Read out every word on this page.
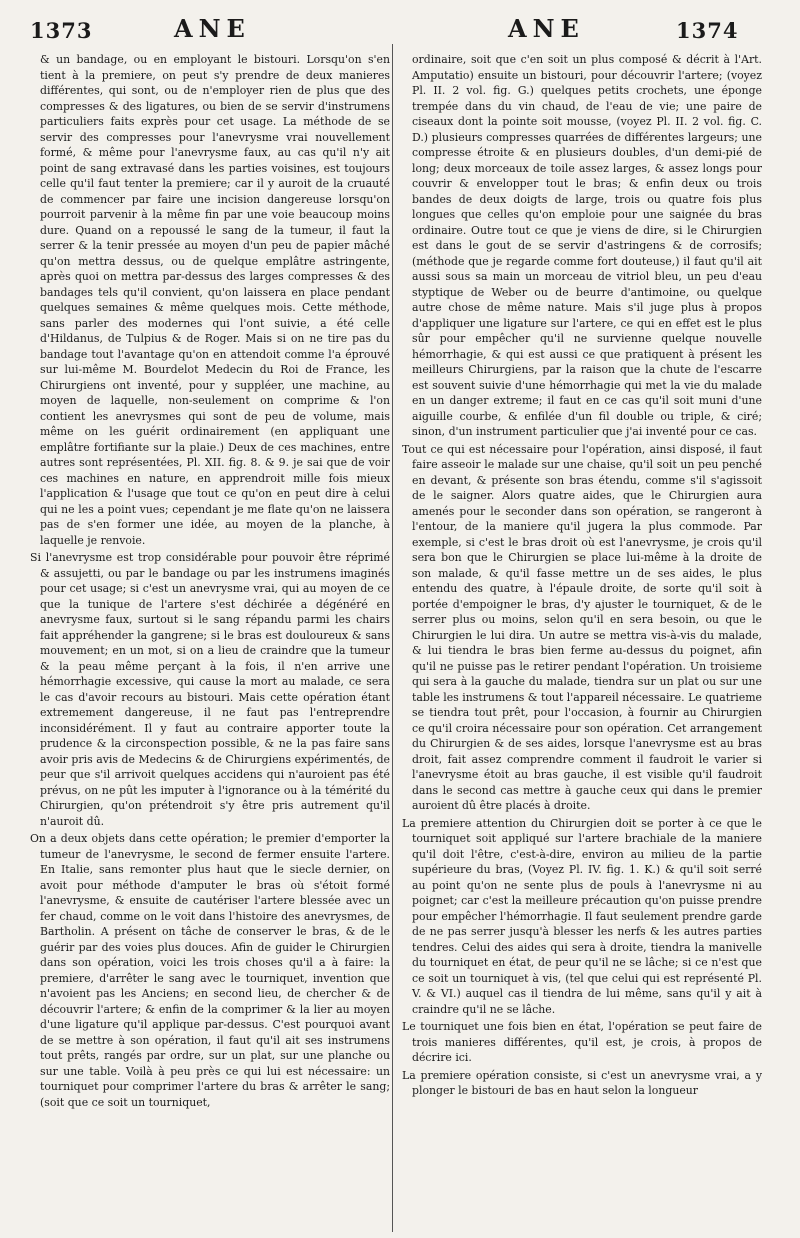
1373	ANE	ANE	1374

& un bandage, ou en employant le bistouri. Lorsqu'on s'en tient à la premiere, on peut s'y prendre de deux manieres différentes, qui sont, ou de n'employer rien de plus que des compresses & des ligatures, ou bien de se servir d'instrumens particuliers faits exprès pour cet usage. La méthode de se servir des compresses pour l'anevrysme vrai nouvellement formé, & même pour l'anevrysme faux, au cas qu'il n'y ait point de sang extravasé dans les parties voisines, est toujours celle qu'il faut tenter la premiere; car il y auroit de la cruauté de commencer par faire une incision dangereuse lorsqu'on pourroit parvenir à la même fin par une voie beaucoup moins dure. Quand on a repoussé le sang de la tumeur, il faut la serrer & la tenir pressée au moyen d'un peu de papier mâché qu'on mettra dessus, ou de quelque emplâtre astringente, après quoi on mettra par-dessus des larges compresses & des bandages tels qu'il convient, qu'on laissera en place pendant quelques semaines & même quelques mois. Cette méthode, sans parler des modernes qui l'ont suivie, a été celle d'Hildanus, de Tulpius & de Roger. Mais si on ne tire pas du bandage tout l'avantage qu'on en attendoit comme l'a éprouvé sur lui-même M. Bourdelot Medecin du Roi de France, les Chirurgiens ont inventé, pour y suppléer, une machine, au moyen de laquelle, non-seulement on comprime & l'on contient les anevrysmes qui sont de peu de volume, mais même on les guérit ordinairement (en appliquant une emplâtre fortifiante sur la plaie.) Deux de ces machines, entre autres sont représentées, Pl. XII. fig. 8. & 9. je sai que de voir ces machines en nature, en apprendroit mille fois mieux l'application & l'usage que tout ce qu'on en peut dire à celui qui ne les a point vues; cependant je me flate qu'on ne laissera pas de s'en former une idée, au moyen de la planche, à laquelle je renvoie.

Si l'anevrysme est trop considérable pour pouvoir être réprimé & assujetti, ou par le bandage ou par les instrumens imaginés pour cet usage; si c'est un anevrysme vrai, qui au moyen de ce que la tunique de l'artere s'est déchirée a dégénéré en anevrysme faux, surtout si le sang répandu parmi les chairs fait appréhender la gangrene; si le bras est douloureux & sans mouvement; en un mot, si on a lieu de craindre que la tumeur & la peau même perçant à la fois, il n'en arrive une hémorrhagie excessive, qui cause la mort au malade, ce sera le cas d'avoir recours au bistouri. Mais cette opération étant extremement dangereuse, il ne faut pas l'entreprendre inconsidérément. Il y faut au contraire apporter toute la prudence & la circonspection possible, & ne la pas faire sans avoir pris avis de Medecins & de Chirurgiens expérimentés, de peur que s'il arrivoit quelques accidens qui n'auroient pas été prévus, on ne pût les imputer à l'ignorance ou à la témérité du Chirurgien, qu'on prétendroit s'y être pris autrement qu'il n'auroit dû.

On a deux objets dans cette opération; le premier d'emporter la tumeur de l'anevrysme, le second de fermer ensuite l'artere. En Italie, sans remonter plus haut que le siecle dernier, on avoit pour méthode d'amputer le bras où s'étoit formé l'anevrysme, & ensuite de cautériser l'artere blessée avec un fer chaud, comme on le voit dans l'histoire des anevrysmes, de Bartholin. A présent on tâche de conserver le bras, & de le guérir par des voies plus douces. Afin de guider le Chirurgien dans son opération, voici les trois choses qu'il a à faire: la premiere, d'arrêter le sang avec le tourniquet, invention que n'avoient pas les Anciens; en second lieu, de chercher & de découvrir l'artere; & enfin de la comprimer & la lier au moyen d'une ligature qu'il applique par-dessus. C'est pourquoi avant de se mettre à son opération, il faut qu'il ait ses instrumens tout prêts, rangés par ordre, sur un plat, sur une planche ou sur une table. Voilà à peu près ce qui lui est nécessaire: un tourniquet pour comprimer l'artere du bras & arrêter le sang; (soit que ce soit un tourniquet,

ordinaire, soit que c'en soit un plus composé & décrit à l'Art. Amputatio) ensuite un bistouri, pour découvrir l'artere; (voyez Pl. II. 2 vol. fig. G.) quelques petits crochets, une éponge trempée dans du vin chaud, de l'eau de vie; une paire de ciseaux dont la pointe soit mousse, (voyez Pl. II. 2 vol. fig. C. D.) plusieurs compresses quarrées de différentes largeurs; une compresse étroite & en plusieurs doubles, d'un demi-pié de long; deux morceaux de toile assez larges, & assez longs pour couvrir & envelopper tout le bras; & enfin deux ou trois bandes de deux doigts de large, trois ou quatre fois plus longues que celles qu'on emploie pour une saignée du bras ordinaire. Outre tout ce que je viens de dire, si le Chirurgien est dans le gout de se servir d'astringens & de corrosifs; (méthode que je regarde comme fort douteuse,) il faut qu'il ait aussi sous sa main un morceau de vitriol bleu, un peu d'eau styptique de Weber ou de beurre d'antimoine, ou quelque autre chose de même nature. Mais s'il juge plus à propos d'appliquer une ligature sur l'artere, ce qui en effet est le plus sûr pour empêcher qu'il ne survienne quelque nouvelle hémorrhagie, & qui est aussi ce que pratiquent à présent les meilleurs Chirurgiens, par la raison que la chute de l'escarre est souvent suivie d'une hémorrhagie qui met la vie du malade en un danger extreme; il faut en ce cas qu'il soit muni d'une aiguille courbe, & enfilée d'un fil double ou triple, & ciré; sinon, d'un instrument particulier que j'ai inventé pour ce cas.

Tout ce qui est nécessaire pour l'opération, ainsi disposé, il faut faire asseoir le malade sur une chaise, qu'il soit un peu penché en devant, & présente son bras étendu, comme s'il s'agissoit de le saigner. Alors quatre aides, que le Chirurgien aura amenés pour le seconder dans son opération, se rangeront à l'entour, de la maniere qu'il jugera la plus commode. Par exemple, si c'est le bras droit où est l'anevrysme, je crois qu'il sera bon que le Chirurgien se place lui-même à la droite de son malade, & qu'il fasse mettre un de ses aides, le plus entendu des quatre, à l'épaule droite, de sorte qu'il soit à portée d'empoigner le bras, d'y ajuster le tourniquet, & de le serrer plus ou moins, selon qu'il en sera besoin, ou que le Chirurgien le lui dira. Un autre se mettra vis-à-vis du malade, & lui tiendra le bras bien ferme au-dessus du poignet, afin qu'il ne puisse pas le retirer pendant l'opération. Un troisieme qui sera à la gauche du malade, tiendra sur un plat ou sur une table les instrumens & tout l'appareil nécessaire. Le quatrieme se tiendra tout prêt, pour l'occasion, à fournir au Chirurgien ce qu'il croira nécessaire pour son opération. Cet arrangement du Chirurgien & de ses aides, lorsque l'anevrysme est au bras droit, fait assez comprendre comment il faudroit le varier si l'anevrysme étoit au bras gauche, il est visible qu'il faudroit dans le second cas mettre à gauche ceux qui dans le premier auroient dû être placés à droite.

La premiere attention du Chirurgien doit se porter à ce que le tourniquet soit appliqué sur l'artere brachiale de la maniere qu'il doit l'être, c'est-à-dire, environ au milieu de la partie supérieure du bras, (Voyez Pl. IV. fig. 1. K.) & qu'il soit serré au point qu'on ne sente plus de pouls à l'anevrysme ni au poignet; car c'est la meilleure précaution qu'on puisse prendre pour empêcher l'hémorrhagie. Il faut seulement prendre garde de ne pas serrer jusqu'à blesser les nerfs & les autres parties tendres. Celui des aides qui sera à droite, tiendra la manivelle du tourniquet en état, de peur qu'il ne se lâche; si ce n'est que ce soit un tourniquet à vis, (tel que celui qui est représenté Pl. V. & VI.) auquel cas il tiendra de lui même, sans qu'il y ait à craindre qu'il ne se lâche.

Le tourniquet une fois bien en état, l'opération se peut faire de trois manieres différentes, qu'il est, je crois, à propos de décrire ici.

La premiere opération consiste, si c'est un anevrysme vrai, a y plonger le bistouri de bas en haut selon la longueur
